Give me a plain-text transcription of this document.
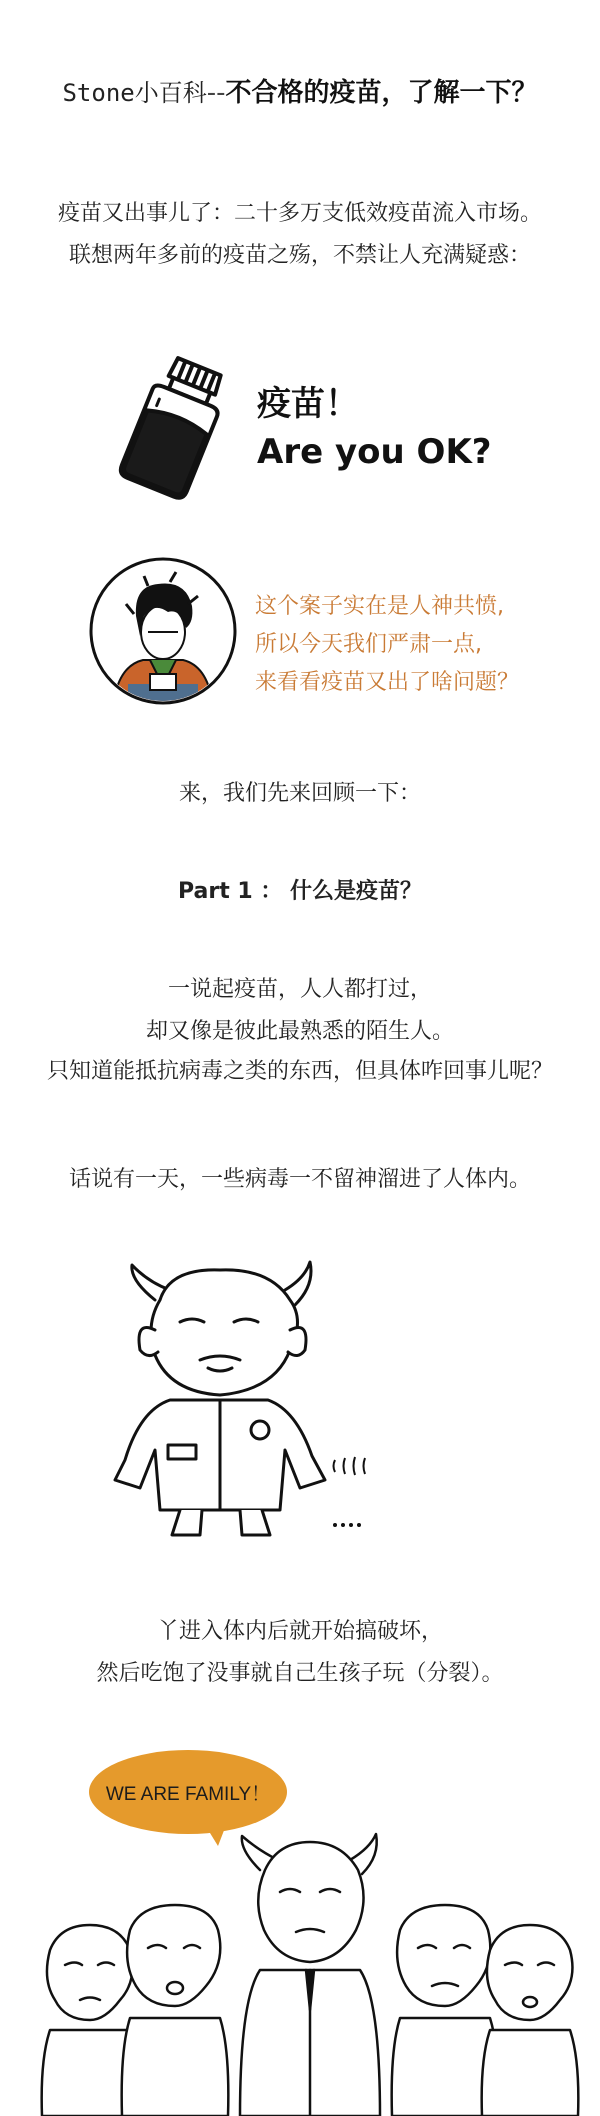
Stone小百科--不合格的疫苗，了解一下？
疫苗又出事儿了：二十多万支低效疫苗流入市场。
联想两年多前的疫苗之殇，不禁让人充满疑惑：
疫苗！
Are you OK?
这个案子实在是人神共愤,
所以今天我们严肃一点,
来看看疫苗又出了啥问题？
来，我们先来回顾一下：
Part 1 ： 什么是疫苗？
一说起疫苗，人人都打过，
却又像是彼此最熟悉的陌生人。
只知道能抵抗病毒之类的东西，但具体咋回事儿呢？
话说有一天，一些病毒一不留神溜进了人体内。
丫进入体内后就开始搞破坏，
然后吃饱了没事就自己生孩子玩（分裂）。
WE ARE FAMILY！
